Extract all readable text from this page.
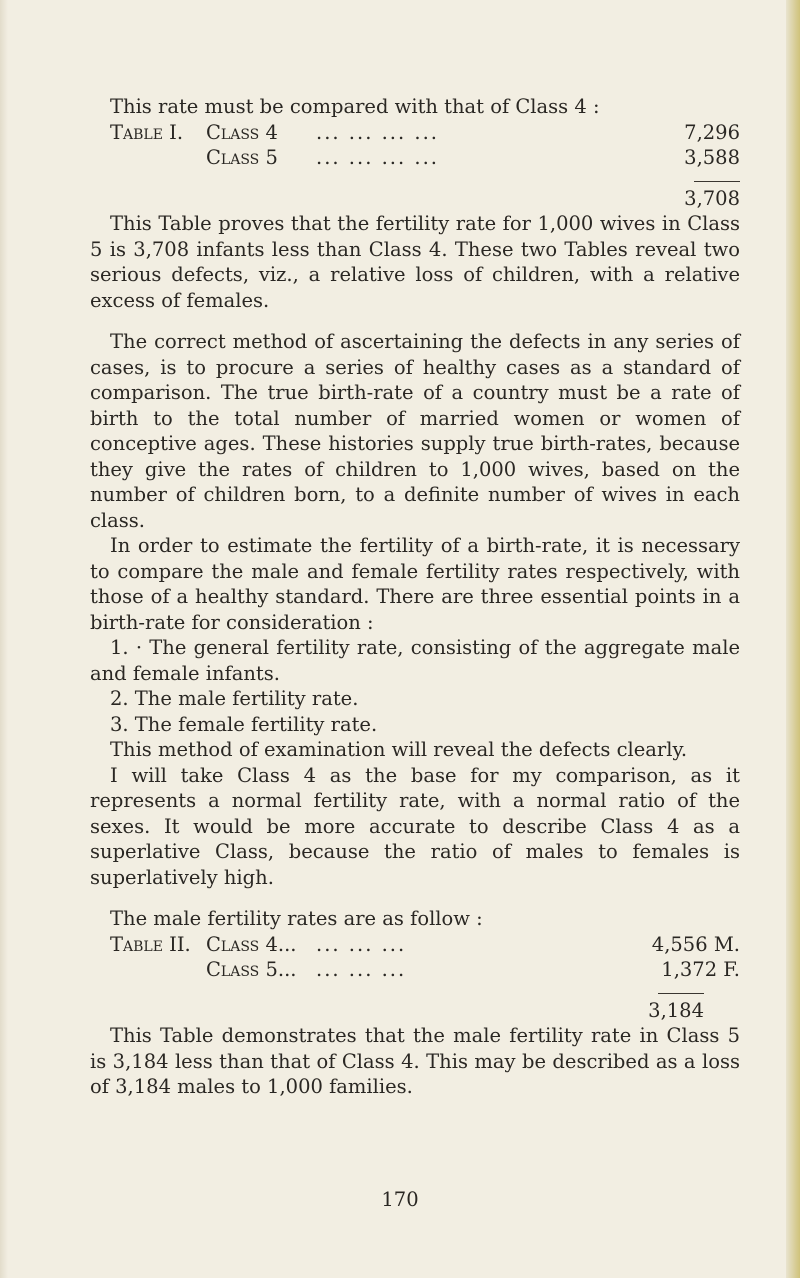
This rate must be compared with that of Class 4 :

Table I.	Class 4	... ... ... ...	7,296
Class 5	... ... ... ...	3,588
3,708

This Table proves that the fertility rate for 1,000 wives in Class 5 is 3,708 infants less than Class 4. These two Tables reveal two serious defects, viz., a relative loss of children, with a relative excess of females.

The correct method of ascertaining the defects in any series of cases, is to procure a series of healthy cases as a standard of comparison. The true birth-rate of a country must be a rate of birth to the total number of married women or women of conceptive ages. These histories supply true birth-rates, because they give the rates of children to 1,000 wives, based on the number of children born, to a definite number of wives in each class.

In order to estimate the fertility of a birth-rate, it is necessary to compare the male and female fertility rates respectively, with those of a healthy standard. There are three essential points in a birth-rate for consideration :

1. · The general fertility rate, consisting of the aggregate male and female infants.

2. The male fertility rate.

3. The female fertility rate.

This method of examination will reveal the defects clearly.

I will take Class 4 as the base for my comparison, as it represents a normal fertility rate, with a normal ratio of the sexes. It would be more accurate to describe Class 4 as a superlative Class, because the ratio of males to females is superlatively high.

The male fertility rates are as follow :

Table II. Class 4...	... ... ...	4,556 M.
Class 5...	... ... ...	1,372 F.
3,184

This Table demonstrates that the male fertility rate in Class 5 is 3,184 less than that of Class 4. This may be described as a loss of 3,184 males to 1,000 families.

170
